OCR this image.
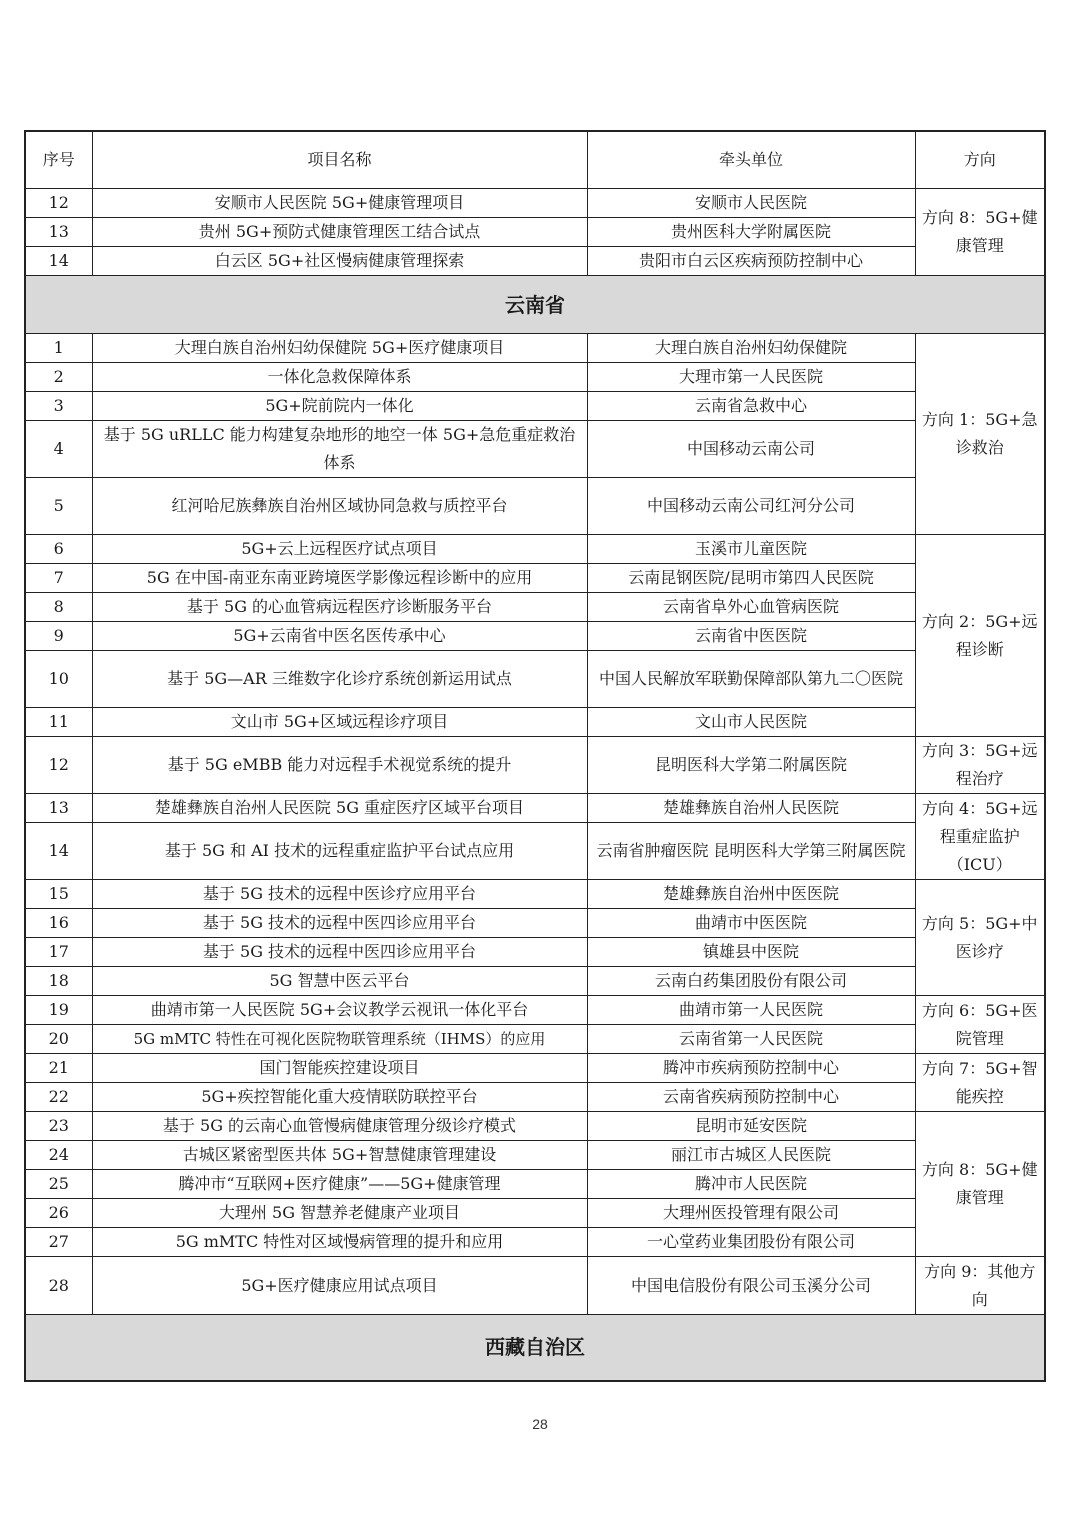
序号	项目名称	牵头单位	方向
12	安顺市人民医院 5G+健康管理项目	安顺市人民医院	方向 8：5G+健康管理
13	贵州 5G+预防式健康管理医工结合试点	贵州医科大学附属医院	
14	白云区 5G+社区慢病健康管理探索	贵阳市白云区疾病预防控制中心	
云南省			
1	大理白族自治州妇幼保健院 5G+医疗健康项目	大理白族自治州妇幼保健院	方向 1：5G+急诊救治
2	一体化急救保障体系	大理市第一人民医院	
3	5G+院前院内一体化	云南省急救中心	
4	基于 5G uRLLC 能力构建复杂地形的地空一体 5G+急危重症救治体系	中国移动云南公司	
5	红河哈尼族彝族自治州区域协同急救与质控平台	中国移动云南公司红河分公司	
6	5G+云上远程医疗试点项目	玉溪市儿童医院	方向 2：5G+远程诊断
7	5G 在中国-南亚东南亚跨境医学影像远程诊断中的应用	云南昆钢医院/昆明市第四人民医院	
8	基于 5G 的心血管病远程医疗诊断服务平台	云南省阜外心血管病医院	
9	5G+云南省中医名医传承中心	云南省中医医院	
10	基于 5G—AR 三维数字化诊疗系统创新运用试点	中国人民解放军联勤保障部队第九二〇医院	
11	文山市 5G+区域远程诊疗项目	文山市人民医院	
12	基于 5G eMBB 能力对远程手术视觉系统的提升	昆明医科大学第二附属医院	方向 3：5G+远程治疗
13	楚雄彝族自治州人民医院 5G 重症医疗区域平台项目	楚雄彝族自治州人民医院	方向 4：5G+远程重症监护（ICU）
14	基于 5G 和 AI 技术的远程重症监护平台试点应用	云南省肿瘤医院 昆明医科大学第三附属医院	
15	基于 5G 技术的远程中医诊疗应用平台	楚雄彝族自治州中医医院	方向 5：5G+中医诊疗
16	基于 5G 技术的远程中医四诊应用平台	曲靖市中医医院	
17	基于 5G 技术的远程中医四诊应用平台	镇雄县中医院	
18	5G 智慧中医云平台	云南白药集团股份有限公司	
19	曲靖市第一人民医院 5G+会议教学云视讯一体化平台	曲靖市第一人民医院	方向 6：5G+医院管理
20	5G mMTC 特性在可视化医院物联管理系统（IHMS）的应用	云南省第一人民医院	
21	国门智能疾控建设项目	腾冲市疾病预防控制中心	方向 7：5G+智能疾控
22	5G+疾控智能化重大疫情联防联控平台	云南省疾病预防控制中心	
23	基于 5G 的云南心血管慢病健康管理分级诊疗模式	昆明市延安医院	方向 8：5G+健康管理
24	古城区紧密型医共体 5G+智慧健康管理建设	丽江市古城区人民医院	
25	腾冲市“互联网+医疗健康”——5G+健康管理	腾冲市人民医院	
26	大理州 5G 智慧养老健康产业项目	大理州医投管理有限公司	
27	5G mMTC 特性对区域慢病管理的提升和应用	一心堂药业集团股份有限公司	
28	5G+医疗健康应用试点项目	中国电信股份有限公司玉溪分公司	方向 9：其他方向
西藏自治区			
28
